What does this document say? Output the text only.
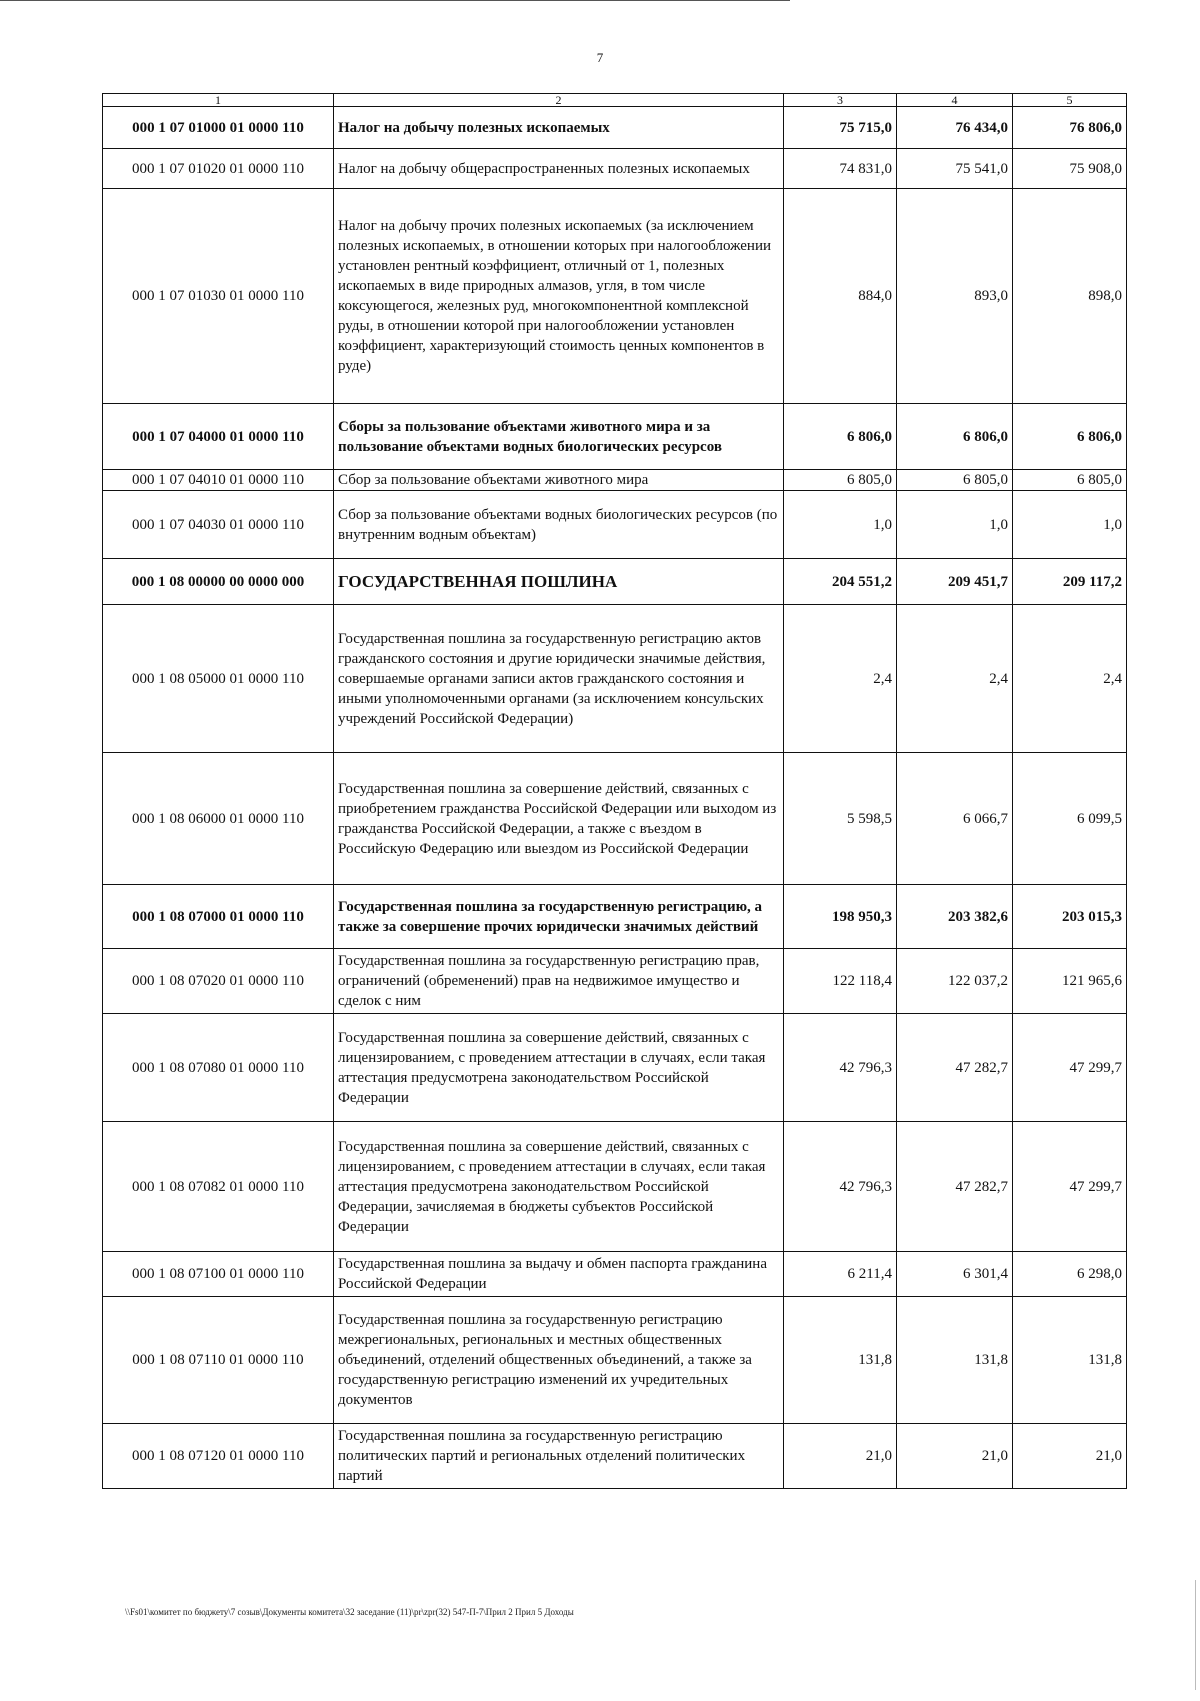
7
1	2	3	4	5
000 1 07 01000 01 0000 110	Налог на добычу полезных ископаемых	75 715,0	76 434,0	76 806,0
000 1 07 01020 01 0000 110	Налог на добычу общераспространенных полезных ископаемых	74 831,0	75 541,0	75 908,0
000 1 07 01030 01 0000 110	Налог на добычу прочих полезных ископаемых (за исключением полезных ископаемых, в отношении которых при налогообложении установлен рентный коэффициент, отличный от 1, полезных ископаемых в виде природных алмазов, угля, в том числе коксующегося, железных руд, многокомпонентной комплексной руды, в отношении которой при налогообложении установлен коэффициент, характеризующий стоимость ценных компонентов в руде)	884,0	893,0	898,0
000 1 07 04000 01 0000 110	Сборы за пользование объектами животного мира и за пользование объектами водных биологических ресурсов	6 806,0	6 806,0	6 806,0
000 1 07 04010 01 0000 110	Сбор за пользование объектами животного мира	6 805,0	6 805,0	6 805,0
000 1 07 04030 01 0000 110	Сбор за пользование объектами водных биологических ресурсов (по внутренним водным объектам)	1,0	1,0	1,0
000 1 08 00000 00 0000 000	ГОСУДАРСТВЕННАЯ ПОШЛИНА	204 551,2	209 451,7	209 117,2
000 1 08 05000 01 0000 110	Государственная пошлина за государственную регистрацию актов гражданского состояния и другие юридически значимые действия, совершаемые органами записи актов гражданского состояния и иными уполномоченными органами (за исключением консульских учреждений Российской Федерации)	2,4	2,4	2,4
000 1 08 06000 01 0000 110	Государственная пошлина за совершение действий, связанных с приобретением гражданства Российской Федерации или выходом из гражданства Российской Федерации, а также с въездом в Российскую Федерацию или выездом из Российской Федерации	5 598,5	6 066,7	6 099,5
000 1 08 07000 01 0000 110	Государственная пошлина за государственную регистрацию, а также за совершение прочих юридически значимых действий	198 950,3	203 382,6	203 015,3
000 1 08 07020 01 0000 110	Государственная пошлина за государственную регистрацию прав, ограничений (обременений) прав на недвижимое имущество и сделок с ним	122 118,4	122 037,2	121 965,6
000 1 08 07080 01 0000 110	Государственная пошлина за совершение действий, связанных с лицензированием, с проведением аттестации в случаях, если такая аттестация предусмотрена законодательством Российской Федерации	42 796,3	47 282,7	47 299,7
000 1 08 07082 01 0000 110	Государственная пошлина за совершение действий, связанных с лицензированием, с проведением аттестации в случаях, если такая аттестация предусмотрена законодательством Российской Федерации, зачисляемая в бюджеты субъектов Российской Федерации	42 796,3	47 282,7	47 299,7
000 1 08 07100 01 0000 110	Государственная пошлина за выдачу и обмен паспорта гражданина Российской Федерации	6 211,4	6 301,4	6 298,0
000 1 08 07110 01 0000 110	Государственная пошлина за государственную регистрацию межрегиональных, региональных и местных общественных объединений, отделений общественных объединений, а также за государственную регистрацию изменений их учредительных документов	131,8	131,8	131,8
000 1 08 07120 01 0000 110	Государственная пошлина за государственную регистрацию политических партий и региональных отделений политических партий	21,0	21,0	21,0
\\Fs01\комитет по бюджету\7 созыв\Документы комитета\32 заседание (11)\pr\zpr(32) 547-П-7\Прил 2 Прил 5 Доходы
